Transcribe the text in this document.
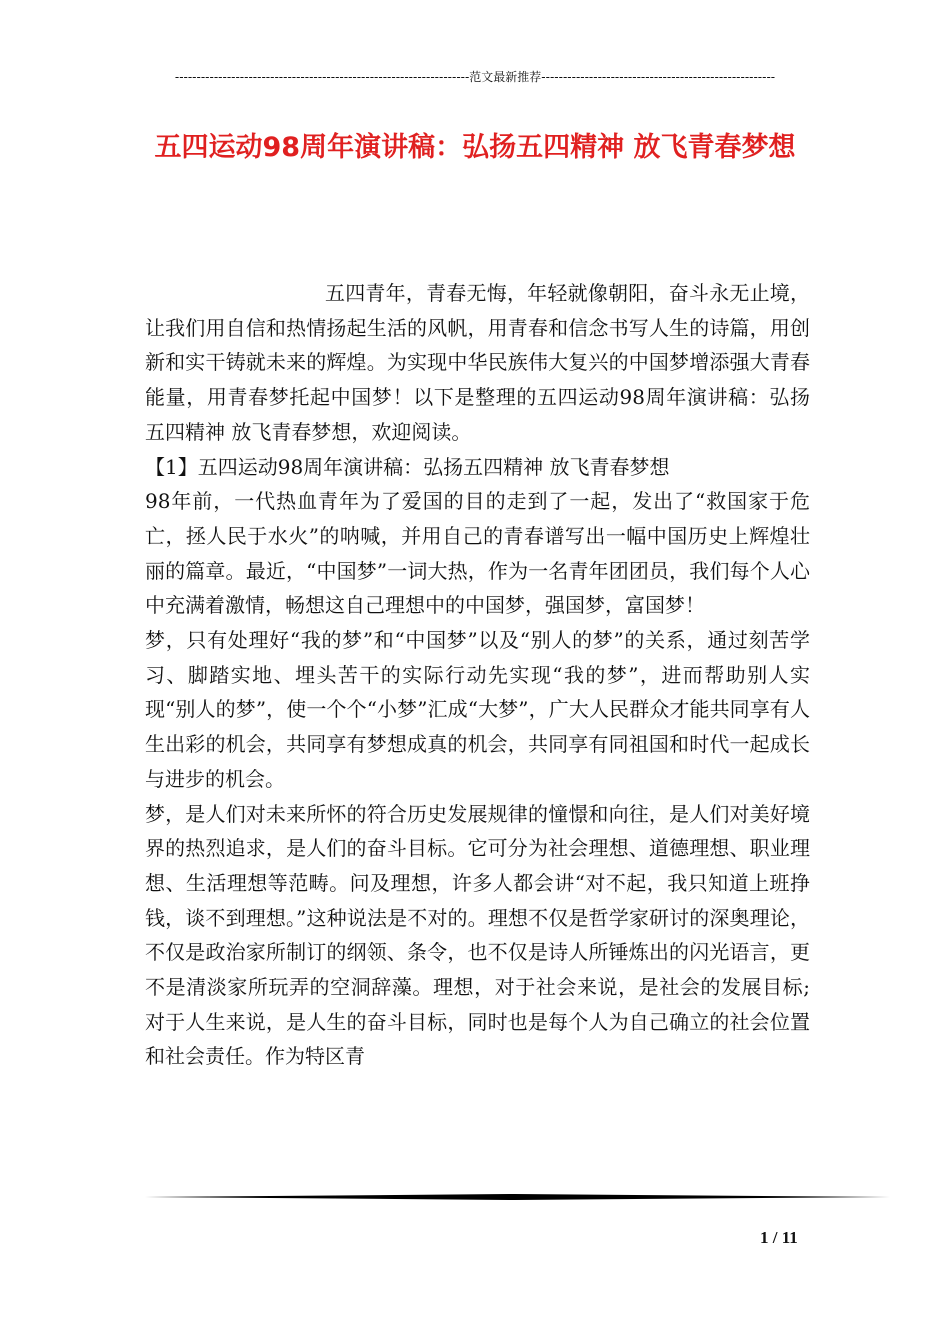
--------------------------------------------------------------------范文最新推荐------------------------------------------------------
五四运动98周年演讲稿：弘扬五四精神 放飞青春梦想

五四青年，青春无悔，年轻就像朝阳，奋斗永无止境，让我们用自信和热情扬起生活的风帆，用青春和信念书写人生的诗篇，用创新和实干铸就未来的辉煌。为实现中华民族伟大复兴的中国梦增添强大青春能量，用青春梦托起中国梦！以下是整理的五四运动98周年演讲稿：弘扬五四精神 放飞青春梦想，欢迎阅读。

【1】五四运动98周年演讲稿：弘扬五四精神 放飞青春梦想

98年前，一代热血青年为了爱国的目的走到了一起，发出了“救国家于危亡，拯人民于水火”的呐喊，并用自己的青春谱写出一幅中国历史上辉煌壮丽的篇章。最近，“中国梦”一词大热，作为一名青年团团员，我们每个人心中充满着激情，畅想这自己理想中的中国梦，强国梦，富国梦！

梦，只有处理好“我的梦”和“中国梦”以及“别人的梦”的关系，通过刻苦学习、脚踏实地、埋头苦干的实际行动先实现“我的梦”，进而帮助别人实现“别人的梦”，使一个个“小梦”汇成“大梦”，广大人民群众才能共同享有人生出彩的机会，共同享有梦想成真的机会，共同享有同祖国和时代一起成长与进步的机会。

梦，是人们对未来所怀的符合历史发展规律的憧憬和向往，是人们对美好境界的热烈追求，是人们的奋斗目标。它可分为社会理想、道德理想、职业理想、生活理想等范畴。问及理想，许多人都会讲“对不起，我只知道上班挣钱，谈不到理想。”这种说法是不对的。理想不仅是哲学家研讨的深奥理论，不仅是政治家所制订的纲领、条令，也不仅是诗人所锤炼出的闪光语言，更不是清淡家所玩弄的空洞辞藻。理想，对于社会来说，是社会的发展目标;对于人生来说，是人生的奋斗目标，同时也是每个人为自己确立的社会位置和社会责任。作为特区青

1 / 11
